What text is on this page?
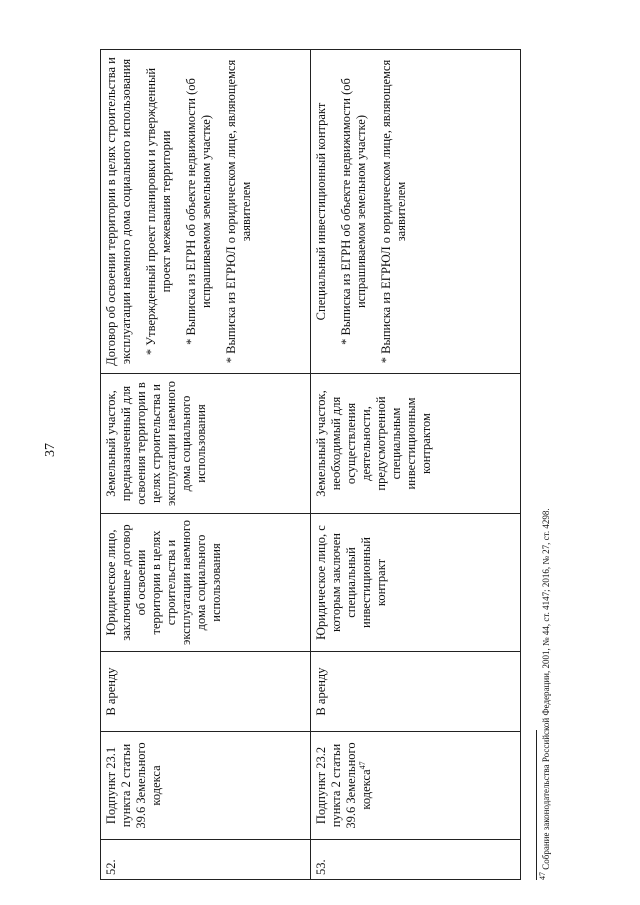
37
52.	Подпункт 23.1 пункта 2 статьи 39.6 Земельного кодекса	В аренду	Юридическое лицо, заключившее договор об освоении территории в целях строительства и эксплуатации наемного дома социального использования	Земельный участок, предназначенный для освоения территории в целях строительства и эксплуатации наемного дома социального использования	Договор об освоении территории в целях строительства и эксплуатации наемного дома социального использования * Утвержденный проект планировки и утвержденный проект межевания территории * Выписка из ЕГРН об объекте недвижимости (об испрашиваемом земельном участке) * Выписка из ЕГРЮЛ о юридическом лице, являющемся заявителем

53.	Подпункт 23.2 пункта 2 статьи 39.6 Земельного кодекса$^{47}$	В аренду	Юридическое лицо, с которым заключен специальный инвестиционный контракт	Земельный участок, необходимый для осуществления деятельности, предусмотренной специальным инвестиционным контрактом	Специальный инвестиционный контракт * Выписка из ЕГРН об объекте недвижимости (об испрашиваемом земельном участке) * Выписка из ЕГРЮЛ о юридическом лице, являющемся заявителем

47 Собрание законодательства Российской Федерации, 2001, № 44, ст. 4147; 2016, № 27, ст. 4298.
